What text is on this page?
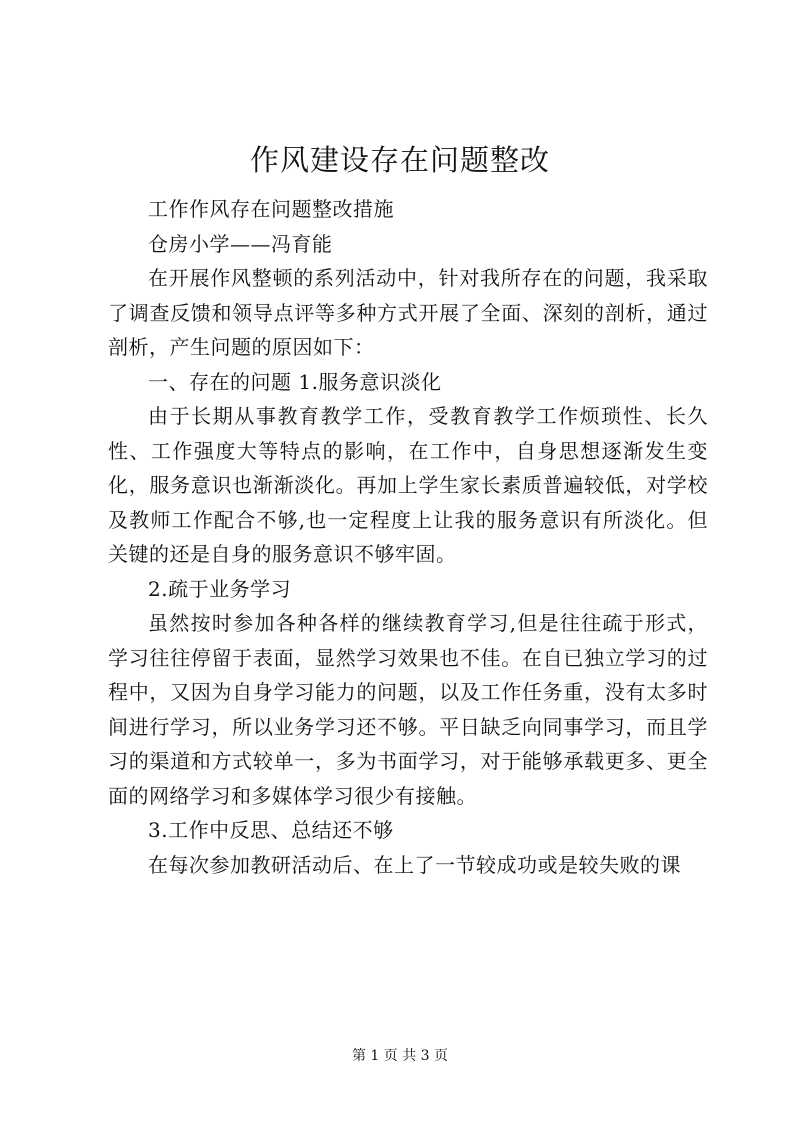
作风建设存在问题整改

工作作风存在问题整改措施

仓房小学——冯育能

在开展作风整顿的系列活动中，针对我所存在的问题，我采取了调查反馈和领导点评等多种方式开展了全面、深刻的剖析，通过剖析，产生问题的原因如下：

一、存在的问题 1.服务意识淡化

由于长期从事教育教学工作，受教育教学工作烦琐性、长久性、工作强度大等特点的影响，在工作中，自身思想逐渐发生变化，服务意识也渐渐淡化。再加上学生家长素质普遍较低，对学校及教师工作配合不够,也一定程度上让我的服务意识有所淡化。但关键的还是自身的服务意识不够牢固。

2.疏于业务学习

虽然按时参加各种各样的继续教育学习,但是往往疏于形式，学习往往停留于表面，显然学习效果也不佳。在自已独立学习的过程中，又因为自身学习能力的问题，以及工作任务重，没有太多时间进行学习，所以业务学习还不够。平日缺乏向同事学习，而且学习的渠道和方式较单一，多为书面学习，对于能够承载更多、更全面的网络学习和多媒体学习很少有接触。

3.工作中反思、总结还不够

在每次参加教研活动后、在上了一节较成功或是较失败的课

第 1 页 共 3 页
